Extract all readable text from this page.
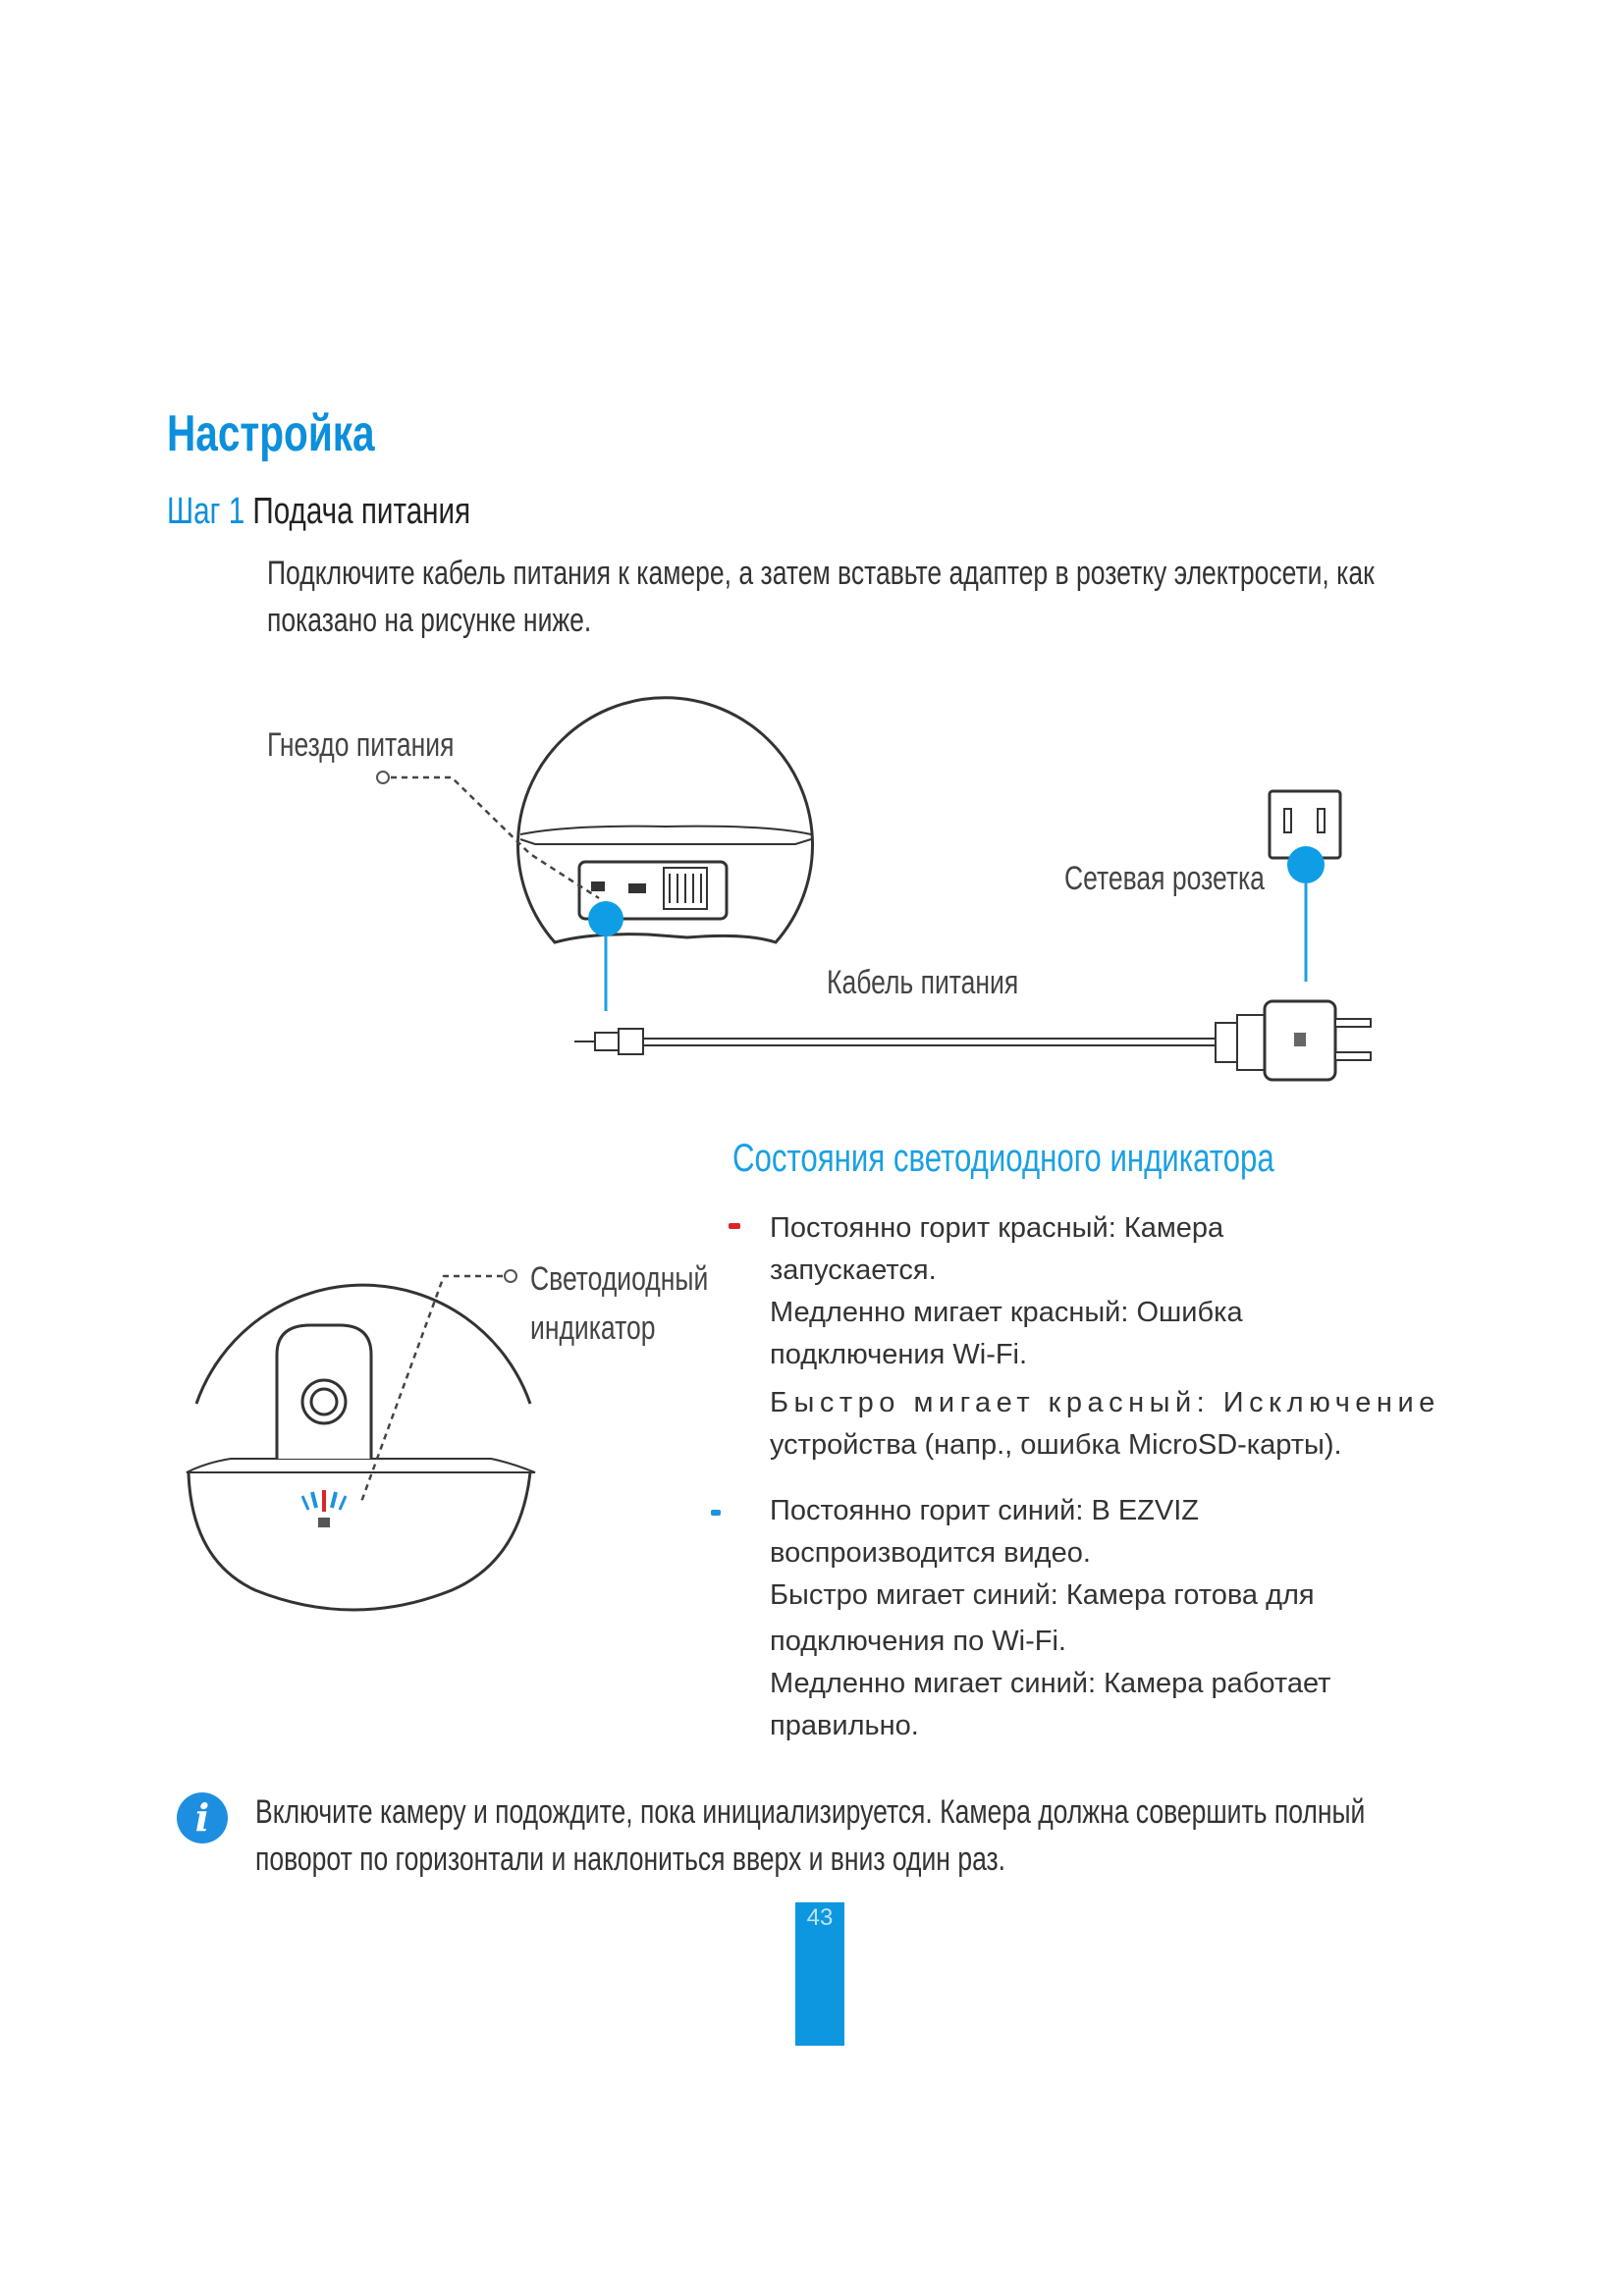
Настройка
Шаг 1 Подача питания
Подключите кабель питания к камере, а затем вставьте адаптер в розетку электросети, как
показано на рисунке ниже.
Гнездо питания
Сетевая розетка
Кабель питания
Светодиодный
индикатор
Состояния светодиодного индикатора
Постоянно горит красный: Камера
запускается.
Медленно мигает красный: Ошибка
подключения Wi-Fi.
Быстро мигает красный: Исключение
устройства (напр., ошибка MicroSD-карты).
Постоянно горит синий: В EZVIZ
воспроизводится видео.
Быстро мигает синий: Камера готова для
подключения по Wi-Fi.
Медленно мигает синий: Камера работает
правильно.
i	Включите камеру и подождите, пока инициализируется. Камера должна совершить полный
поворот по горизонтали и наклониться вверх и вниз один раз.
43
